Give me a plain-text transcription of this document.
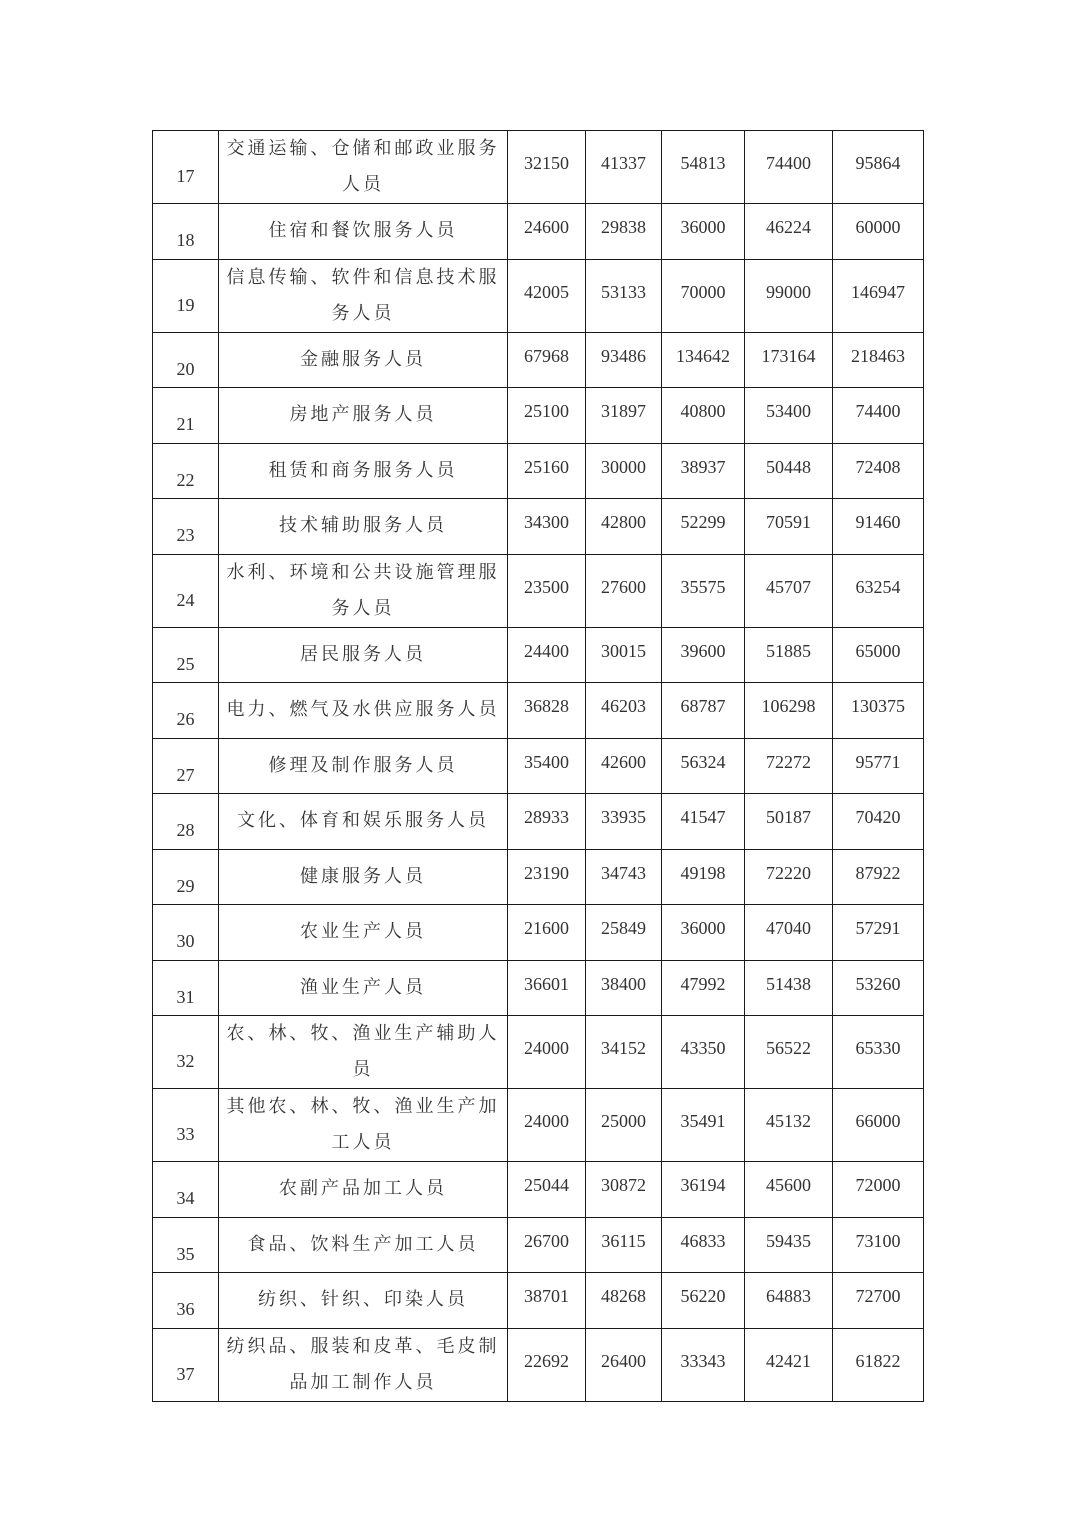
17	交通运输、仓储和邮政业服务人员	32150	41337	54813	74400	95864
18	住宿和餐饮服务人员	24600	29838	36000	46224	60000
19	信息传输、软件和信息技术服务人员	42005	53133	70000	99000	146947
20	金融服务人员	67968	93486	134642	173164	218463
21	房地产服务人员	25100	31897	40800	53400	74400
22	租赁和商务服务人员	25160	30000	38937	50448	72408
23	技术辅助服务人员	34300	42800	52299	70591	91460
24	水利、环境和公共设施管理服务人员	23500	27600	35575	45707	63254
25	居民服务人员	24400	30015	39600	51885	65000
26	电力、燃气及水供应服务人员	36828	46203	68787	106298	130375
27	修理及制作服务人员	35400	42600	56324	72272	95771
28	文化、体育和娱乐服务人员	28933	33935	41547	50187	70420
29	健康服务人员	23190	34743	49198	72220	87922
30	农业生产人员	21600	25849	36000	47040	57291
31	渔业生产人员	36601	38400	47992	51438	53260
32	农、林、牧、渔业生产辅助人员	24000	34152	43350	56522	65330
33	其他农、林、牧、渔业生产加工人员	24000	25000	35491	45132	66000
34	农副产品加工人员	25044	30872	36194	45600	72000
35	食品、饮料生产加工人员	26700	36115	46833	59435	73100
36	纺织、针织、印染人员	38701	48268	56220	64883	72700
37	纺织品、服装和皮革、毛皮制品加工制作人员	22692	26400	33343	42421	61822
